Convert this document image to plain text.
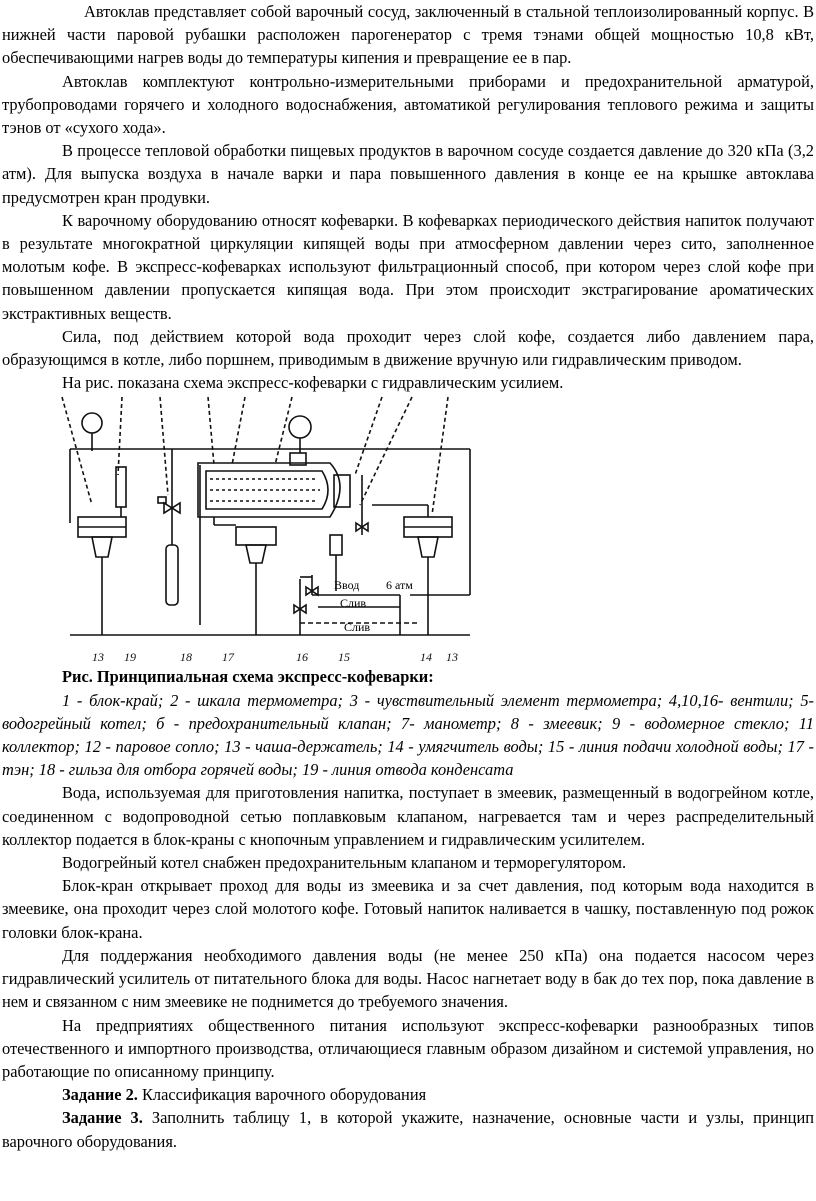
Автоклав представляет собой варочный сосуд, заключенный в стальной теплоизолированный корпус. В нижней части паровой рубашки расположен парогенератор с тремя тэнами общей мощностью 10,8 кВт, обеспечивающими нагрев воды до температуры кипения и превращение ее в пар.

Автоклав комплектуют контрольно-измерительными приборами и предохранительной арматурой, трубопроводами горячего и холодного водоснабжения, автоматикой регулирования теплового режима и защиты тэнов от «сухого хода».

В процессе тепловой обработки пищевых продуктов в варочном сосуде создается давление до 320 кПа (3,2 атм). Для выпуска воздуха в начале варки и пара повышенного давления в конце ее на крышке автоклава предусмотрен кран продувки.

К варочному оборудованию относят кофеварки. В кофеварках периодического действия напиток получают в результате многократной циркуляции кипящей воды при атмосферном давлении через сито, заполненное молотым кофе. В экспресс-кофеварках используют фильтрационный способ, при котором через слой кофе при повышенном давлении пропускается кипящая вода. При этом происходит экстрагирование ароматических экстрактивных веществ.

Сила, под действием которой вода проходит через слой кофе, создается либо давлением пара, образующимся в котле, либо поршнем, приводимым в движение вручную или гидравлическим приводом.

На рис. показана схема экспресс-кофеварки с гидравлическим усилием.

Ввод 6 атм
Слив
Слив
13 19	18	17	16	15	14 13

Рис. Принципиальная схема экспресс-кофеварки:

1 - блок-край; 2 - шкала термометра; 3 - чувствительный элемент термометра; 4,10,16- вентили; 5- водогрейный котел; б - предохранительный клапан; 7- манометр; 8 - змеевик; 9 - водомерное стекло; 11 коллектор; 12 - паровое сопло; 13 - чаша-держатель; 14 - умягчитель воды; 15 - линия подачи холодной воды; 17 - тэн; 18 - гильза для отбора горячей воды; 19 - линия отвода конденсата

Вода, используемая для приготовления напитка, поступает в змеевик, размещенный в водогрейном котле, соединенном с водопроводной сетью поплавковым клапаном, нагревается там и через распределительный коллектор подается в блок-краны с кнопочным управлением и гидравлическим усилителем.

Водогрейный котел снабжен предохранительным клапаном и терморегулятором.

Блок-кран открывает проход для воды из змеевика и за счет давления, под которым вода находится в змеевике, она проходит через слой молотого кофе. Готовый напиток наливается в чашку, поставленную под рожок головки блок-крана.

Для поддержания необходимого давления воды (не менее 250 кПа) она подается насосом через гидравлический усилитель от питательного блока для воды. Насос нагнетает воду в бак до тех пор, пока давление в нем и связанном с ним змеевике не поднимется до требуемого значения.

На предприятиях общественного питания используют экспресс-кофеварки разнообразных типов отечественного и импортного производства, отличающиеся главным образом дизайном и системой управления, но работающие по описанному принципу.

Задание 2. Классификация варочного оборудования

Задание 3. Заполнить таблицу 1, в которой укажите, назначение, основные части и узлы, принцип варочного оборудования.
